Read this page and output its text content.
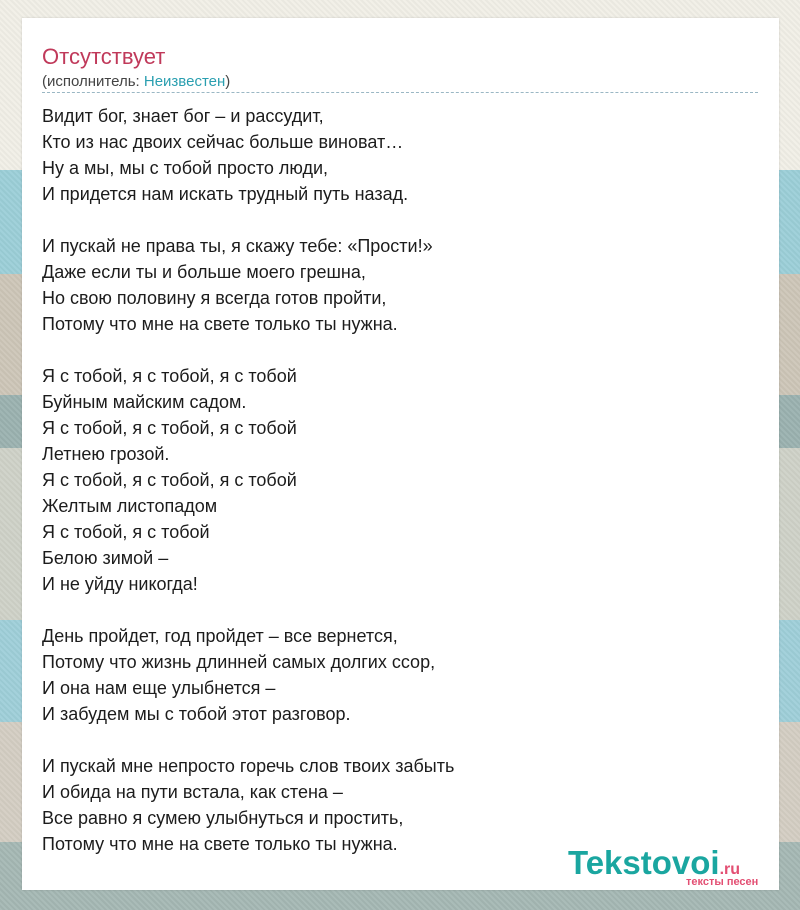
Отсутствует
(исполнитель: Неизвестен)
Видит бог, знает бог – и рассудит,
Кто из нас двоих сейчас больше виноват…
Ну а мы, мы с тобой просто люди,
И придется нам искать трудный путь назад.
И пускай не права ты, я скажу тебе: «Прости!»
Даже если ты и больше моего грешна,
Но свою половину я всегда готов пройти,
Потому что мне на свете только ты нужна.
Я с тобой, я с тобой, я с тобой
Буйным майским садом.
Я с тобой, я с тобой, я с тобой
Летнею грозой.
Я с тобой, я с тобой, я с тобой
Желтым листопадом
Я с тобой, я с тобой
Белою зимой –
И не уйду никогда!
День пройдет, год пройдет – все вернется,
Потому что жизнь длинней самых долгих ссор,
И она нам еще улыбнется –
И забудем мы с тобой этот разговор.
И пускай мне непросто горечь слов твоих забыть
И обида на пути встала, как стена –
Все равно я сумею улыбнуться и простить,
Потому что мне на свете только ты нужна.	Tekstovoi.ru
тексты песен
